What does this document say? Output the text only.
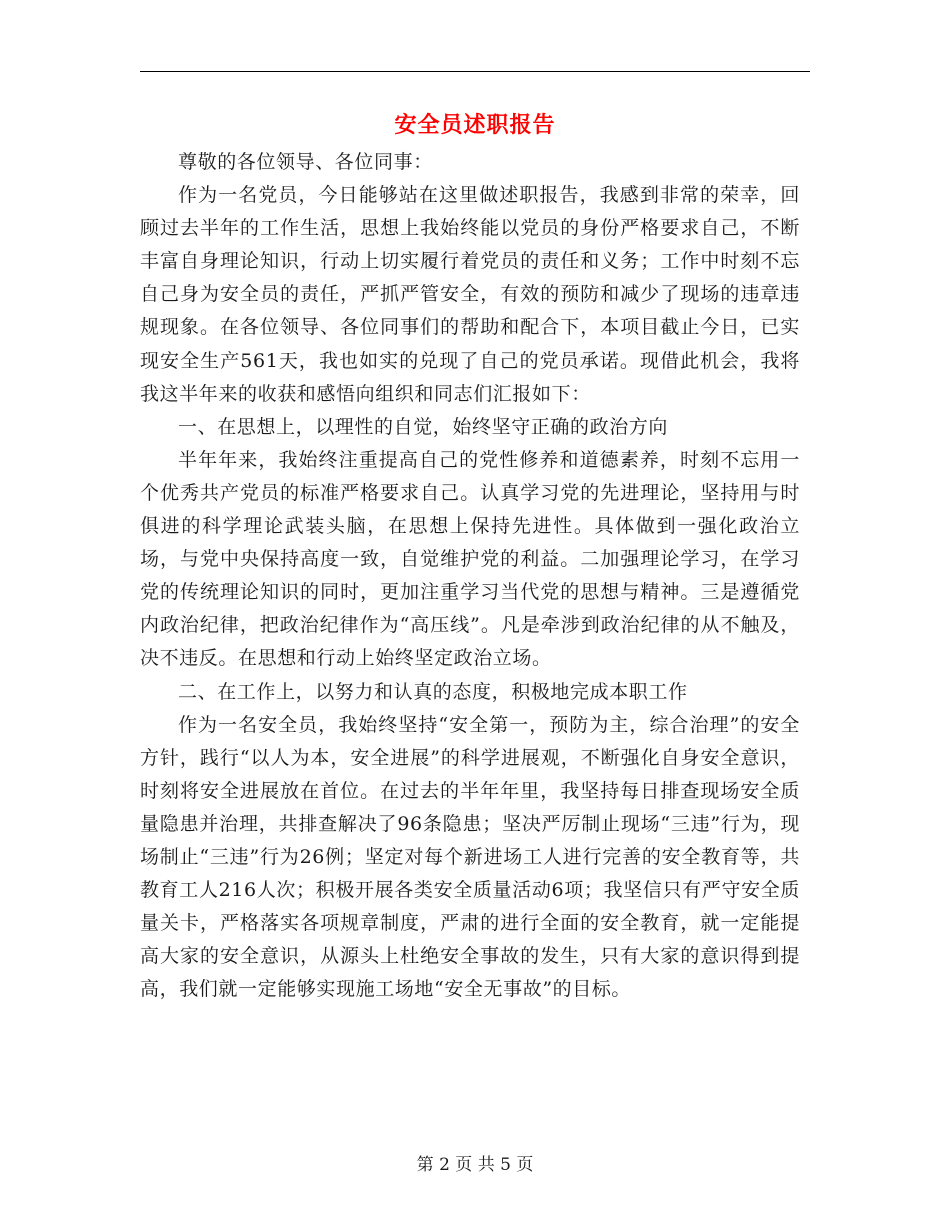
安全员述职报告

尊敬的各位领导、各位同事：

作为一名党员，今日能够站在这里做述职报告，我感到非常的荣幸，回顾过去半年的工作生活，思想上我始终能以党员的身份严格要求自己，不断丰富自身理论知识，行动上切实履行着党员的责任和义务；工作中时刻不忘自己身为安全员的责任，严抓严管安全，有效的预防和减少了现场的违章违规现象。在各位领导、各位同事们的帮助和配合下，本项目截止今日，已实现安全生产561天，我也如实的兑现了自己的党员承诺。现借此机会，我将我这半年来的收获和感悟向组织和同志们汇报如下：

一、在思想上，以理性的自觉，始终坚守正确的政治方向

半年年来，我始终注重提高自己的党性修养和道德素养，时刻不忘用一个优秀共产党员的标准严格要求自己。认真学习党的先进理论，坚持用与时俱进的科学理论武装头脑，在思想上保持先进性。具体做到一强化政治立场，与党中央保持高度一致，自觉维护党的利益。二加强理论学习，在学习党的传统理论知识的同时，更加注重学习当代党的思想与精神。三是遵循党内政治纪律，把政治纪律作为“高压线”。凡是牵涉到政治纪律的从不触及，决不违反。在思想和行动上始终坚定政治立场。

二、在工作上，以努力和认真的态度，积极地完成本职工作

作为一名安全员，我始终坚持“安全第一，预防为主，综合治理”的安全方针，践行“以人为本，安全进展”的科学进展观，不断强化自身安全意识，时刻将安全进展放在首位。在过去的半年年里，我坚持每日排查现场安全质量隐患并治理，共排查解决了96条隐患；坚决严厉制止现场“三违”行为，现场制止“三违”行为26例；坚定对每个新进场工人进行完善的安全教育等，共教育工人216人次；积极开展各类安全质量活动6项；我坚信只有严守安全质量关卡，严格落实各项规章制度，严肃的进行全面的安全教育，就一定能提高大家的安全意识，从源头上杜绝安全事故的发生，只有大家的意识得到提高，我们就一定能够实现施工场地“安全无事故”的目标。

第 2 页 共 5 页
